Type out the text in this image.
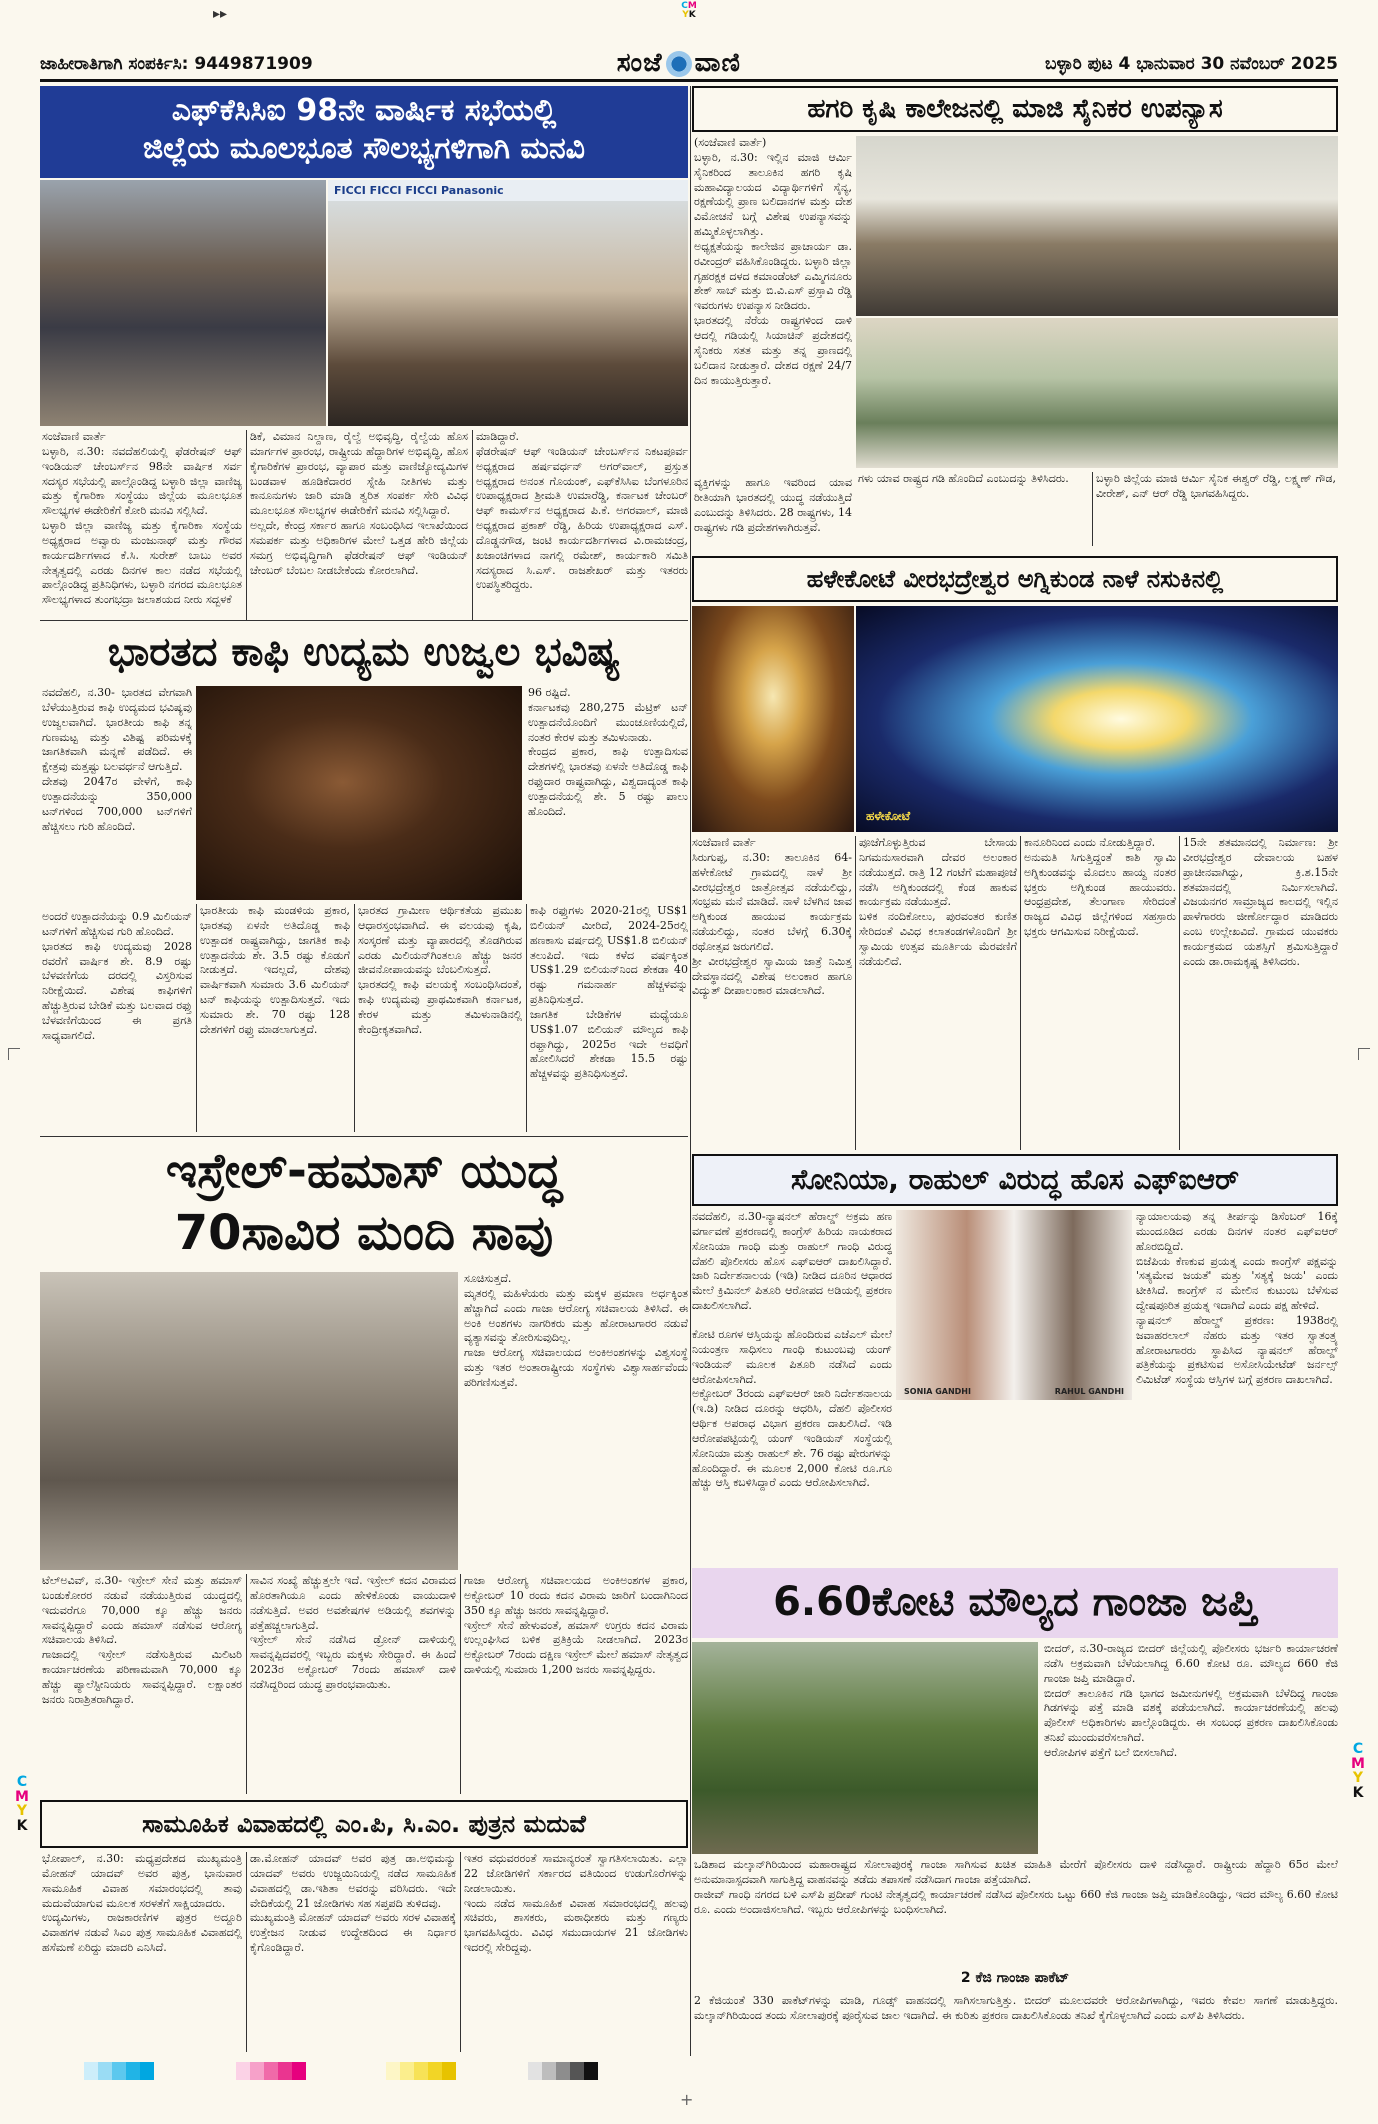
▸▸	CM
YK
ಜಾಹೀರಾತಿಗಾಗಿ ಸಂಪರ್ಕಿಸಿ: 9449871909	ಸಂಜೆ ವಾಣಿ	ಬಳ್ಳಾರಿ ಪುಟ 4 ಭಾನುವಾರ 30 ನವೆಂಬರ್ 2025
ಎಫ್‌ಕೆಸಿಸಿಐ 98ನೇ ವಾರ್ಷಿಕ ಸಭೆಯಲ್ಲಿ
ಜಿಲ್ಲೆಯ ಮೂಲಭೂತ ಸೌಲಭ್ಯಗಳಿಗಾಗಿ ಮನವಿ
FICCI FICCI FICCI Panasonic
ಸಂಜೆವಾಣಿ ವಾರ್ತೆ
ಬಳ್ಳಾರಿ, ನ.30: ನವದೆಹಲಿಯಲ್ಲಿ ಫೆಡರೇಷನ್ ಆಫ್ ಇಂಡಿಯನ್ ಚೇಂಬರ್ಸ್‌ನ 98ನೇ ವಾರ್ಷಿಕ ಸರ್ವ ಸದಸ್ಯರ ಸಭೆಯಲ್ಲಿ ಪಾಲ್ಗೊಂಡಿದ್ದ ಬಳ್ಳಾರಿ ಜಿಲ್ಲಾ ವಾಣಿಜ್ಯ ಮತ್ತು ಕೈಗಾರಿಕಾ ಸಂಸ್ಥೆಯು ಜಿಲ್ಲೆಯ ಮೂಲಭೂತ ಸೌಲಭ್ಯಗಳ ಈಡೇರಿಕೆಗೆ ಕೋರಿ ಮನವಿ ಸಲ್ಲಿಸಿದೆ.
ಬಳ್ಳಾರಿ ಜಿಲ್ಲಾ ವಾಣಿಜ್ಯ ಮತ್ತು ಕೈಗಾರಿಕಾ ಸಂಸ್ಥೆಯ ಅಧ್ಯಕ್ಷರಾದ ಅವ್ವಾರು ಮಂಜುನಾಥ್ ಮತ್ತು ಗೌರವ ಕಾರ್ಯದರ್ಶಿಗಳಾದ ಕೆ.ಸಿ. ಸುರೇಶ್ ಬಾಬು ಅವರ ನೇತೃತ್ವದಲ್ಲಿ ಎರಡು ದಿನಗಳ ಕಾಲ ನಡೆದ ಸಭೆಯಲ್ಲಿ ಪಾಲ್ಗೊಂಡಿದ್ದ ಪ್ರತಿನಿಧಿಗಳು, ಬಳ್ಳಾರಿ ನಗರದ ಮೂಲಭೂತ ಸೌಲಭ್ಯಗಳಾದ ತುಂಗಭದ್ರಾ ಜಲಾಶಯದ ನೀರು ಸದ್ಬಳಕೆ
ಡಿಕೆ, ವಿಮಾನ ನಿಲ್ದಾಣ, ರೈಲ್ವೆ ಅಭಿವೃದ್ಧಿ, ರೈಲ್ವೆಯ ಹೊಸ ಮಾರ್ಗಗಳ ಪ್ರಾರಂಭ, ರಾಷ್ಟ್ರೀಯ ಹೆದ್ದಾರಿಗಳ ಅಭಿವೃದ್ಧಿ, ಹೊಸ ಕೈಗಾರಿಕೆಗಳ ಪ್ರಾರಂಭ, ವ್ಯಾಪಾರ ಮತ್ತು ವಾಣಿಜ್ಯೋದ್ಯಮಿಗಳ ಬಂಡವಾಳ ಹೂಡಿಕೆದಾರರ ಸ್ನೇಹಿ ನೀತಿಗಳು ಮತ್ತು ಕಾನೂನುಗಳು ಜಾರಿ ಮಾಡಿ ತ್ವರಿತ ಸಂಪರ್ಕ ಸೇರಿ ವಿವಿಧ ಮೂಲಭೂತ ಸೌಲಭ್ಯಗಳ ಈಡೇರಿಕೆಗೆ ಮನವಿ ಸಲ್ಲಿಸಿದ್ದಾರೆ.
ಅಲ್ಲದೇ, ಕೇಂದ್ರ ಸರ್ಕಾರ ಹಾಗೂ ಸಂಬಂಧಿಸಿದ ಇಲಾಖೆಯಿಂದ ಸಮಪರ್ಕ ಮತ್ತು ಅಧಿಕಾರಿಗಳ ಮೇಲೆ ಒತ್ತಡ ಹೇರಿ ಜಿಲ್ಲೆಯ ಸಮಗ್ರ ಅಭಿವೃದ್ಧಿಗಾಗಿ ಫೆಡರೇಷನ್ ಆಫ್ ಇಂಡಿಯನ್ ಚೇಂಬರ್ ಬೆಂಬಲ ನೀಡಬೇಕೆಂದು ಕೋರಲಾಗಿದೆ.
ಮಾಡಿದ್ದಾರೆ.
ಫೆಡರೇಷನ್ ಆಫ್ ಇಂಡಿಯನ್ ಚೇಂಬರ್ಸ್‌ನ ನಿಕಟಪೂರ್ವ ಅಧ್ಯಕ್ಷರಾದ ಹರ್ಷವರ್ಧನ್ ಅಗರ್‌ವಾಲ್, ಪ್ರಸ್ತುತ ಅಧ್ಯಕ್ಷರಾದ ಅನಂತ ಗೊಯಂಕ್, ಎಫ್‌ಕೆಸಿಸಿಐ ಬೆಂಗಳೂರಿನ ಉಪಾಧ್ಯಕ್ಷರಾದ ಶ್ರೀಮತಿ ಉಮಾರೆಡ್ಡಿ, ಕರ್ನಾಟಕ ಚೇಂಬರ್ ಆಫ್ ಕಾಮರ್ಸ್‌ನ ಅಧ್ಯಕ್ಷರಾದ ಪಿ.ಕೆ. ಅಗರವಾಲ್, ಮಾಜಿ ಅಧ್ಯಕ್ಷರಾದ ಪ್ರಕಾಶ್ ರೆಡ್ಡಿ, ಹಿರಿಯ ಉಪಾಧ್ಯಕ್ಷರಾದ ಎಸ್. ದೊಡ್ಡನಗೌಡ, ಜಂಟಿ ಕಾರ್ಯದರ್ಶಿಗಳಾದ ವಿ.ರಾಮಚಂದ್ರ, ಖಜಾಂಚಿಗಳಾದ ನಾಗಲ್ಲಿ ರಮೇಶ್, ಕಾರ್ಯಕಾರಿ ಸಮಿತಿ ಸದಸ್ಯರಾದ ಸಿ.ಎಸ್. ರಾಜಶೇಖರ್ ಮತ್ತು ಇತರರು ಉಪಸ್ಥಿತರಿದ್ದರು.
ಹಗರಿ ಕೃಷಿ ಕಾಲೇಜನಲ್ಲಿ ಮಾಜಿ ಸೈನಿಕರ ಉಪನ್ಯಾಸ
(ಸಂಜೆವಾಣಿ ವಾರ್ತೆ)
ಬಳ್ಳಾರಿ, ನ.30: ಇಲ್ಲಿನ ಮಾಜಿ ಆರ್ಮಿ ಸೈನಿಕರಿಂದ ತಾಲೂಕಿನ ಹಗರಿ ಕೃಷಿ ಮಹಾವಿದ್ಯಾಲಯದ ವಿದ್ಯಾರ್ಥಿಗಳಿಗೆ ಸೈನ್ಯ, ರಕ್ಷಣೆಯಲ್ಲಿ ಪ್ರಾಣ ಬಲಿದಾನಗಳ ಮತ್ತು ದೇಶ ವಿಮೋಚನೆ ಬಗ್ಗೆ ವಿಶೇಷ ಉಪನ್ಯಾಸವನ್ನು ಹಮ್ಮಿಕೊಳ್ಳಲಾಗಿತ್ತು.
ಅಧ್ಯಕ್ಷತೆಯನ್ನು ಕಾಲೇಜಿನ ಪ್ರಾಚಾರ್ಯ ಡಾ. ರವೀಂದ್ರರ್ ವಹಿಸಿಕೊಂಡಿದ್ದರು. ಬಳ್ಳಾರಿ ಜಿಲ್ಲಾ ಗೃಹರಕ್ಷಕ ದಳದ ಕಮಾಂಡೆಂಟ್ ಎಮ್ಮಿಗನೂರು ಶೇಕ್ ಸಾಬ್ ಮತ್ತು ಬಿ.ವಿ.ಎಸ್ ಪ್ರಸ್ತಾವಿ ರೆಡ್ಡಿ ಇವರುಗಳು ಉಪನ್ಯಾಸ ನೀಡಿದರು.
ಭಾರತದಲ್ಲಿ ನೆರೆಯ ರಾಷ್ಟ್ರಗಳಿಂದ ದಾಳಿ ಆದಲ್ಲಿ ಗಡಿಯಲ್ಲಿ ಸಿಯಾಚಿನ್ ಪ್ರದೇಶದಲ್ಲಿ ಸೈನಿಕರು ಸತತ ಮತ್ತು ತನ್ನ ಪ್ರಾಣದಲ್ಲಿ ಬಲಿದಾನ ನೀಡುತ್ತಾರೆ. ದೇಶದ ರಕ್ಷಣೆ 24/7 ದಿನ ಕಾಯುತ್ತಿರುತ್ತಾರೆ.
ವ್ಯಕ್ತಿಗಳನ್ನು ಹಾಗೂ ಇವರಿಂದ ಯಾವ ರೀತಿಯಾಗಿ ಭಾರತದಲ್ಲಿ ಯುದ್ಧ ನಡೆಯುತ್ತಿದೆ ಎಂಬುದನ್ನು ತಿಳಿಸಿದರು. 28 ರಾಷ್ಟ್ರಗಳು, 14 ರಾಷ್ಟ್ರಗಳು ಗಡಿ ಪ್ರದೇಶಗಳಾಗಿರುತ್ತವೆ.
ಗಳು ಯಾವ ರಾಷ್ಟ್ರದ ಗಡಿ ಹೊಂದಿದೆ ಎಂಬುದನ್ನು ತಿಳಿಸಿದರು.	ಬಳ್ಳಾರಿ ಜಿಲ್ಲೆಯ ಮಾಜಿ ಆರ್ಮಿ ಸೈನಿಕ ಈಶ್ವರ್ ರೆಡ್ಡಿ, ಲಕ್ಷ್ಮಣ್ ಗೌಡ, ವೀರೇಶ್, ಎನ್ ಆರ್ ರೆಡ್ಡಿ ಭಾಗವಹಿಸಿದ್ದರು.
ಭಾರತದ ಕಾಫಿ ಉದ್ಯಮ ಉಜ್ವಲ ಭವಿಷ್ಯ
ನವದೆಹಲಿ, ನ.30- ಭಾರತದ ವೇಗವಾಗಿ ಬೆಳೆಯುತ್ತಿರುವ ಕಾಫಿ ಉದ್ಯಮದ ಭವಿಷ್ಯವು ಉಜ್ವಲವಾಗಿದೆ. ಭಾರತೀಯ ಕಾಫಿ ತನ್ನ ಗುಣಮಟ್ಟ ಮತ್ತು ವಿಶಿಷ್ಟ ಪರಿಮಳಕ್ಕೆ ಜಾಗತಿಕವಾಗಿ ಮನ್ನಣೆ ಪಡೆದಿದೆ. ಈ ಕ್ಷೇತ್ರವು ಮತ್ತಷ್ಟು ಬಲವರ್ಧನೆ ಆಗುತ್ತಿದೆ.
ದೇಶವು 2047ರ ವೇಳೆಗೆ, ಕಾಫಿ ಉತ್ಪಾದನೆಯನ್ನು 350,000 ಟನ್‌ಗಳಿಂದ 700,000 ಟನ್‌ಗಳಿಗೆ ಹೆಚ್ಚಿಸಲು ಗುರಿ ಹೊಂದಿದೆ.
96 ರಷ್ಟಿದೆ.
ಕರ್ನಾಟಕವು 280,275 ಮೆಟ್ರಿಕ್ ಟನ್ ಉತ್ಪಾದನೆಯೊಂದಿಗೆ ಮುಂಚೂಣಿಯಲ್ಲಿದೆ, ನಂತರ ಕೇರಳ ಮತ್ತು ತಮಿಳುನಾಡು.
ಕೇಂದ್ರದ ಪ್ರಕಾರ, ಕಾಫಿ ಉತ್ಪಾದಿಸುವ ದೇಶಗಳಲ್ಲಿ ಭಾರತವು ಏಳನೇ ಅತಿದೊಡ್ಡ ಕಾಫಿ ರಫ್ತುದಾರ ರಾಷ್ಟ್ರವಾಗಿದ್ದು, ವಿಶ್ವದಾದ್ಯಂತ ಕಾಫಿ ಉತ್ಪಾದನೆಯಲ್ಲಿ ಶೇ. 5 ರಷ್ಟು ಪಾಲು ಹೊಂದಿದೆ.
ಅಂದರೆ ಉತ್ಪಾದನೆಯನ್ನು 0.9 ಮಿಲಿಯನ್ ಟನ್‌ಗಳಿಗೆ ಹೆಚ್ಚಿಸುವ ಗುರಿ ಹೊಂದಿದೆ.
ಭಾರತದ ಕಾಫಿ ಉದ್ಯಮವು 2028 ರವರೆಗೆ ವಾರ್ಷಿಕ ಶೇ. 8.9 ರಷ್ಟು ಬೆಳವಣಿಗೆಯ ದರದಲ್ಲಿ ವಿಸ್ತರಿಸುವ ನಿರೀಕ್ಷೆಯಿದೆ. ವಿಶೇಷ ಕಾಫಿಗಳಿಗೆ ಹೆಚ್ಚುತ್ತಿರುವ ಬೇಡಿಕೆ ಮತ್ತು ಬಲವಾದ ರಫ್ತು ಬೆಳವಣಿಗೆಯಿಂದ ಈ ಪ್ರಗತಿ ಸಾಧ್ಯವಾಗಲಿದೆ.
ಭಾರತೀಯ ಕಾಫಿ ಮಂಡಳಿಯ ಪ್ರಕಾರ, ಭಾರತವು ಏಳನೇ ಅತಿದೊಡ್ಡ ಕಾಫಿ ಉತ್ಪಾದಕ ರಾಷ್ಟ್ರವಾಗಿದ್ದು, ಜಾಗತಿಕ ಕಾಫಿ ಉತ್ಪಾದನೆಯ ಶೇ. 3.5 ರಷ್ಟು ಕೊಡುಗೆ ನೀಡುತ್ತದೆ. ಇದಲ್ಲದೆ, ದೇಶವು ವಾರ್ಷಿಕವಾಗಿ ಸುಮಾರು 3.6 ಮಿಲಿಯನ್ ಟನ್ ಕಾಫಿಯನ್ನು ಉತ್ಪಾದಿಸುತ್ತದೆ. ಇದು ಸುಮಾರು ಶೇ. 70 ರಷ್ಟು 128 ದೇಶಗಳಿಗೆ ರಫ್ತು ಮಾಡಲಾಗುತ್ತದೆ.
ಭಾರತದ ಗ್ರಾಮೀಣ ಆರ್ಥಿಕತೆಯ ಪ್ರಮುಖ ಆಧಾರಸ್ತಂಭವಾಗಿದೆ. ಈ ವಲಯವು ಕೃಷಿ, ಸಂಸ್ಕರಣೆ ಮತ್ತು ವ್ಯಾಪಾರದಲ್ಲಿ ತೊಡಗಿರುವ ಎರಡು ಮಿಲಿಯನ್‌ಗಿಂತಲೂ ಹೆಚ್ಚು ಜನರ ಜೀವನೋಪಾಯವನ್ನು ಬೆಂಬಲಿಸುತ್ತದೆ.
ಭಾರತದಲ್ಲಿ ಕಾಫಿ ವಲಯಕ್ಕೆ ಸಂಬಂಧಿಸಿದಂತೆ, ಕಾಫಿ ಉದ್ಯಮವು ಪ್ರಾಥಮಿಕವಾಗಿ ಕರ್ನಾಟಕ, ಕೇರಳ ಮತ್ತು ತಮಿಳುನಾಡಿನಲ್ಲಿ ಕೇಂದ್ರೀಕೃತವಾಗಿದೆ.
ಕಾಫಿ ರಫ್ತುಗಳು 2020-21ರಲ್ಲಿ US$1 ಬಿಲಿಯನ್ ಮೀರಿದೆ, 2024-25ರಲ್ಲಿ ಹಣಕಾಸು ವರ್ಷದಲ್ಲಿ US$1.8 ಬಿಲಿಯನ್ ತಲುಪಿದೆ. ಇದು ಕಳೆದ ವರ್ಷಕ್ಕಿಂತ US$1.29 ಬಿಲಿಯನ್‌ನಿಂದ ಶೇಕಡಾ 40 ರಷ್ಟು ಗಮನಾರ್ಹ ಹೆಚ್ಚಳವನ್ನು ಪ್ರತಿನಿಧಿಸುತ್ತದೆ.
ಜಾಗತಿಕ ಬೇಡಿಕೆಗಳ ಮಧ್ಯೆಯೂ US$1.07 ಬಿಲಿಯನ್ ಮೌಲ್ಯದ ಕಾಫಿ ರಫ್ತಾಗಿದ್ದು, 2025ರ ಇದೇ ಅವಧಿಗೆ ಹೋಲಿಸಿದರೆ ಶೇಕಡಾ 15.5 ರಷ್ಟು ಹೆಚ್ಚಳವನ್ನು ಪ್ರತಿನಿಧಿಸುತ್ತದೆ.
ಹಳೇಕೋಟೆ ವೀರಭದ್ರೇಶ್ವರ ಅಗ್ನಿಕುಂಡ ನಾಳೆ ನಸುಕಿನಲ್ಲಿ
ಹಳೇಕೋಟೆ
ಸಂಜೆವಾಣಿ ವಾರ್ತೆ
ಸಿರುಗುಪ್ಪ, ನ.30: ತಾಲೂಕಿನ 64-ಹಳೇಕೋಟೆ ಗ್ರಾಮದಲ್ಲಿ ನಾಳೆ ಶ್ರೀ ವೀರಭದ್ರೇಶ್ವರ ಜಾತ್ರೋತ್ಸವ ನಡೆಯಲಿದ್ದು, ಸಂಭ್ರಮ ಮನೆ ಮಾಡಿದೆ. ನಾಳೆ ಬೆಳಗಿನ ಜಾವ ಅಗ್ನಿಕುಂಡ ಹಾಯುವ ಕಾರ್ಯಕ್ರಮ ನಡೆಯಲಿದ್ದು, ನಂತರ ಬೆಳಗ್ಗೆ 6.30ಕ್ಕೆ ರಥೋತ್ಸವ ಜರುಗಲಿದೆ.
ಶ್ರೀ ವೀರಭದ್ರೇಶ್ವರ ಸ್ವಾಮಿಯ ಜಾತ್ರೆ ನಿಮಿತ್ತ ದೇವಸ್ಥಾನದಲ್ಲಿ ವಿಶೇಷ ಅಲಂಕಾರ ಹಾಗೂ ವಿದ್ಯುತ್ ದೀಪಾಲಂಕಾರ ಮಾಡಲಾಗಿದೆ.
ಪೂಜೆಗೊಳ್ಳುತ್ತಿರುವ ಬೇಸಾಯ ನಿಗಮನುಸಾರವಾಗಿ ದೇವರ ಅಲಂಕಾರ ನಡೆಯುತ್ತದೆ. ರಾತ್ರಿ 12 ಗಂಟೆಗೆ ಮಹಾಪೂಜೆ ನಡೆಸಿ ಅಗ್ನಿಕುಂಡದಲ್ಲಿ ಕೆಂಡ ಹಾಕುವ ಕಾರ್ಯಕ್ರಮ ನಡೆಯುತ್ತದೆ.
ಬಳಿಕ ನಂದಿಕೋಲು, ಪುರವಂತರ ಕುಣಿತ ಸೇರಿದಂತೆ ವಿವಿಧ ಕಲಾತಂಡಗಳೊಂದಿಗೆ ಶ್ರೀ ಸ್ವಾಮಿಯ ಉತ್ಸವ ಮೂರ್ತಿಯ ಮೆರವಣಿಗೆ ನಡೆಯಲಿದೆ.
ಕಾನೂರಿನಿಂದ ಎಂದು ನೋಡುತ್ತಿದ್ದಾರೆ.
ಅನುಮತಿ ಸಿಗುತ್ತಿದ್ದಂತೆ ಕಾಶಿ ಸ್ವಾಮಿ ಅಗ್ನಿಕುಂಡವನ್ನು ಮೊದಲು ಹಾಯ್ದ ನಂತರ ಭಕ್ತರು ಅಗ್ನಿಕುಂಡ ಹಾಯುವರು. ಆಂಧ್ರಪ್ರದೇಶ, ತೆಲಂಗಾಣ ಸೇರಿದಂತೆ ರಾಜ್ಯದ ವಿವಿಧ ಜಿಲ್ಲೆಗಳಿಂದ ಸಹಸ್ರಾರು ಭಕ್ತರು ಆಗಮಿಸುವ ನಿರೀಕ್ಷೆಯಿದೆ.
15ನೇ ಶತಮಾನದಲ್ಲಿ ನಿರ್ಮಾಣ: ಶ್ರೀ ವೀರಭದ್ರೇಶ್ವರ ದೇವಾಲಯ ಬಹಳ ಪ್ರಾಚೀನವಾಗಿದ್ದು, ಕ್ರಿ.ಶ.15ನೇ ಶತಮಾನದಲ್ಲಿ ನಿರ್ಮಿಸಲಾಗಿದೆ. ವಿಜಯನಗರ ಸಾಮ್ರಾಜ್ಯದ ಕಾಲದಲ್ಲಿ ಇಲ್ಲಿನ ಪಾಳೆಗಾರರು ಜೀರ್ಣೋದ್ಧಾರ ಮಾಡಿದರು ಎಂಬ ಉಲ್ಲೇಖವಿದೆ. ಗ್ರಾಮದ ಯುವಕರು ಕಾರ್ಯಕ್ರಮದ ಯಶಸ್ಸಿಗೆ ಶ್ರಮಿಸುತ್ತಿದ್ದಾರೆ ಎಂದು ಡಾ.ರಾಮಕೃಷ್ಣ ತಿಳಿಸಿದರು.
ಇಸ್ರೇಲ್-ಹಮಾಸ್ ಯುದ್ಧ
70ಸಾವಿರ ಮಂದಿ ಸಾವು
ಸೂಚಿಸುತ್ತದೆ.
ಮೃತರಲ್ಲಿ ಮಹಿಳೆಯರು ಮತ್ತು ಮಕ್ಕಳ ಪ್ರಮಾಣ ಅರ್ಧಕ್ಕಿಂತ ಹೆಚ್ಚಾಗಿದೆ ಎಂದು ಗಾಜಾ ಆರೋಗ್ಯ ಸಚಿವಾಲಯ ತಿಳಿಸಿದೆ. ಈ ಅಂಕಿ ಅಂಶಗಳು ನಾಗರಿಕರು ಮತ್ತು ಹೋರಾಟಗಾರರ ನಡುವೆ ವ್ಯತ್ಯಾಸವನ್ನು ತೋರಿಸುವುದಿಲ್ಲ.
ಗಾಜಾ ಆರೋಗ್ಯ ಸಚಿವಾಲಯದ ಅಂಕಿಅಂಶಗಳನ್ನು ವಿಶ್ವಸಂಸ್ಥೆ ಮತ್ತು ಇತರ ಅಂತಾರಾಷ್ಟ್ರೀಯ ಸಂಸ್ಥೆಗಳು ವಿಶ್ವಾಸಾರ್ಹವೆಂದು ಪರಿಗಣಿಸುತ್ತವೆ.
ಟೆಲ್‌ಅವಿವ್, ನ.30- ಇಸ್ರೇಲ್ ಸೇನೆ ಮತ್ತು ಹಮಾಸ್ ಬಂಡುಕೋರರ ನಡುವೆ ನಡೆಯುತ್ತಿರುವ ಯುದ್ಧದಲ್ಲಿ ಇದುವರೆಗೂ 70,000 ಕ್ಕೂ ಹೆಚ್ಚು ಜನರು ಸಾವನ್ನಪ್ಪಿದ್ದಾರೆ ಎಂದು ಹಮಾಸ್ ನಡೆಸುವ ಆರೋಗ್ಯ ಸಚಿವಾಲಯ ತಿಳಿಸಿದೆ.
ಗಾಜಾದಲ್ಲಿ ಇಸ್ರೇಲ್ ನಡೆಸುತ್ತಿರುವ ಮಿಲಿಟರಿ ಕಾರ್ಯಾಚರಣೆಯ ಪರಿಣಾಮವಾಗಿ 70,000 ಕ್ಕೂ ಹೆಚ್ಚು ಪ್ಯಾಲೆಸ್ಟೀನಿಯರು ಸಾವನ್ನಪ್ಪಿದ್ದಾರೆ. ಲಕ್ಷಾಂತರ ಜನರು ನಿರಾಶ್ರಿತರಾಗಿದ್ದಾರೆ.
ಸಾವಿನ ಸಂಖ್ಯೆ ಹೆಚ್ಚುತ್ತಲೇ ಇದೆ. ಇಸ್ರೇಲ್ ಕದನ ವಿರಾಮದ ಹೊರತಾಗಿಯೂ ಎಂದು ಹೇಳಿಕೊಂಡು ವಾಯುದಾಳಿ ನಡೆಸುತ್ತಿದೆ. ಅವರ ಅವಶೇಷಗಳ ಅಡಿಯಲ್ಲಿ ಶವಗಳನ್ನು ಪತ್ತೆಹಚ್ಚಲಾಗುತ್ತಿದೆ.
ಇಸ್ರೇಲ್ ಸೇನೆ ನಡೆಸಿದ ಡ್ರೋನ್ ದಾಳಿಯಲ್ಲಿ ಸಾವನ್ನಪ್ಪಿದವರಲ್ಲಿ ಇಬ್ಬರು ಮಕ್ಕಳು ಸೇರಿದ್ದಾರೆ. ಈ ಹಿಂದೆ 2023ರ ಅಕ್ಟೋಬರ್ 7ರಂದು ಹಮಾಸ್ ದಾಳಿ ನಡೆಸಿದ್ದರಿಂದ ಯುದ್ಧ ಪ್ರಾರಂಭವಾಯಿತು.
ಗಾಜಾ ಆರೋಗ್ಯ ಸಚಿವಾಲಯದ ಅಂಕಿಅಂಶಗಳ ಪ್ರಕಾರ, ಅಕ್ಟೋಬರ್ 10 ರಂದು ಕದನ ವಿರಾಮ ಜಾರಿಗೆ ಬಂದಾಗಿನಿಂದ 350 ಕ್ಕೂ ಹೆಚ್ಚು ಜನರು ಸಾವನ್ನಪ್ಪಿದ್ದಾರೆ.
ಇಸ್ರೇಲ್ ಸೇನೆ ಹೇಳುವಂತೆ, ಹಮಾಸ್ ಉಗ್ರರು ಕದನ ವಿರಾಮ ಉಲ್ಲಂಘಿಸಿದ ಬಳಿಕ ಪ್ರತಿಕ್ರಿಯೆ ನೀಡಲಾಗಿದೆ. 2023ರ ಅಕ್ಟೋಬರ್ 7ರಂದು ದಕ್ಷಿಣ ಇಸ್ರೇಲ್ ಮೇಲೆ ಹಮಾಸ್ ನೇತೃತ್ವದ ದಾಳಿಯಲ್ಲಿ ಸುಮಾರು 1,200 ಜನರು ಸಾವನ್ನಪ್ಪಿದ್ದರು.
ಸೋನಿಯಾ, ರಾಹುಲ್ ವಿರುದ್ಧ ಹೊಸ ಎಫ್‌ಐಆರ್
ನವದೆಹಲಿ, ನ.30-ನ್ಯಾಷನಲ್ ಹೆರಾಲ್ಡ್ ಅಕ್ರಮ ಹಣ ವರ್ಗಾವಣೆ ಪ್ರಕರಣದಲ್ಲಿ ಕಾಂಗ್ರೆಸ್ ಹಿರಿಯ ನಾಯಕರಾದ ಸೋನಿಯಾ ಗಾಂಧಿ ಮತ್ತು ರಾಹುಲ್ ಗಾಂಧಿ ವಿರುದ್ಧ ದೆಹಲಿ ಪೊಲೀಸರು ಹೊಸ ಎಫ್‌ಐಆರ್ ದಾಖಲಿಸಿದ್ದಾರೆ. ಜಾರಿ ನಿರ್ದೇಶನಾಲಯ (ಇಡಿ) ನೀಡಿದ ದೂರಿನ ಆಧಾರದ ಮೇಲೆ ಕ್ರಿಮಿನಲ್ ಪಿತೂರಿ ಆರೋಪದ ಅಡಿಯಲ್ಲಿ ಪ್ರಕರಣ ದಾಖಲಿಸಲಾಗಿದೆ.
SONIA GANDHI	RAHUL GANDHI
ನ್ಯಾಯಾಲಯವು ತನ್ನ ತೀರ್ಪನ್ನು ಡಿಸೆಂಬರ್ 16ಕ್ಕೆ ಮುಂದೂಡಿದ ಎರಡು ದಿನಗಳ ನಂತರ ಎಫ್‌ಐಆರ್ ಹೊರಬಿದ್ದಿದೆ.
ಬಿಜೆಪಿಯ ಕೆಣಕುವ ಪ್ರಯತ್ನ ಎಂದು ಕಾಂಗ್ರೆಸ್ ಪಕ್ಷವನ್ನು 'ಸತ್ಯಮೇವ ಜಯತೆ' ಮತ್ತು 'ಸತ್ಯಕ್ಕೆ ಜಯ' ಎಂದು ಟೀಕಿಸಿದೆ. ಕಾಂಗ್ರೆಸ್ ನ ಮೇಲಿನ ಕುಟುಂಬ ಬೆಳೆಸುವ ದ್ವೇಷಪೂರಿತ ಪ್ರಯತ್ನ ಇದಾಗಿದೆ ಎಂದು ಪಕ್ಷ ಹೇಳಿದೆ.
ನ್ಯಾಷನಲ್ ಹೆರಾಲ್ಡ್ ಪ್ರಕರಣ: 1938ರಲ್ಲಿ ಜವಾಹರಲಾಲ್ ನೆಹರು ಮತ್ತು ಇತರ ಸ್ವಾತಂತ್ರ್ಯ ಹೋರಾಟಗಾರರು ಸ್ಥಾಪಿಸಿದ ನ್ಯಾಷನಲ್ ಹೆರಾಲ್ಡ್ ಪತ್ರಿಕೆಯನ್ನು ಪ್ರಕಟಿಸುವ ಅಸೋಸಿಯೇಟೆಡ್ ಜರ್ನಲ್ಸ್ ಲಿಮಿಟೆಡ್ ಸಂಸ್ಥೆಯ ಆಸ್ತಿಗಳ ಬಗ್ಗೆ ಪ್ರಕರಣ ದಾಖಲಾಗಿದೆ.
ಕೋಟಿ ರೂಗಳ ಆಸ್ತಿಯನ್ನು ಹೊಂದಿರುವ ಎಜೆಎಲ್ ಮೇಲೆ ನಿಯಂತ್ರಣ ಸಾಧಿಸಲು ಗಾಂಧಿ ಕುಟುಂಬವು ಯಂಗ್ ಇಂಡಿಯನ್ ಮೂಲಕ ಪಿತೂರಿ ನಡೆಸಿದೆ ಎಂದು ಆರೋಪಿಸಲಾಗಿದೆ.
ಅಕ್ಟೋಬರ್ 3ರಂದು ಎಫ್‌ಐಆರ್ ಜಾರಿ ನಿರ್ದೇಶನಾಲಯ (ಇ.ಡಿ) ನೀಡಿದ ದೂರನ್ನು ಆಧರಿಸಿ, ದೆಹಲಿ ಪೊಲೀಸರ ಆರ್ಥಿಕ ಅಪರಾಧ ವಿಭಾಗ ಪ್ರಕರಣ ದಾಖಲಿಸಿದೆ. ಇಡಿ ಆರೋಪಪಟ್ಟಿಯಲ್ಲಿ ಯಂಗ್ ಇಂಡಿಯನ್ ಸಂಸ್ಥೆಯಲ್ಲಿ ಸೋನಿಯಾ ಮತ್ತು ರಾಹುಲ್ ಶೇ. 76 ರಷ್ಟು ಷೇರುಗಳನ್ನು ಹೊಂದಿದ್ದಾರೆ. ಈ ಮೂಲಕ 2,000 ಕೋಟಿ ರೂ.ಗೂ ಹೆಚ್ಚು ಆಸ್ತಿ ಕಬಳಿಸಿದ್ದಾರೆ ಎಂದು ಆರೋಪಿಸಲಾಗಿದೆ.
6.60ಕೋಟಿ ಮೌಲ್ಯದ ಗಾಂಜಾ ಜಪ್ತಿ
ಬೀದರ್, ನ.30-ರಾಜ್ಯದ ಬೀದರ್ ಜಿಲ್ಲೆಯಲ್ಲಿ ಪೊಲೀಸರು ಭರ್ಜರಿ ಕಾರ್ಯಾಚರಣೆ ನಡೆಸಿ ಅಕ್ರಮವಾಗಿ ಬೆಳೆಯಲಾಗಿದ್ದ 6.60 ಕೋಟಿ ರೂ. ಮೌಲ್ಯದ 660 ಕೆಜಿ ಗಾಂಜಾ ಜಪ್ತಿ ಮಾಡಿದ್ದಾರೆ.
ಬೀದರ್ ತಾಲೂಕಿನ ಗಡಿ ಭಾಗದ ಜಮೀನುಗಳಲ್ಲಿ ಅಕ್ರಮವಾಗಿ ಬೆಳೆದಿದ್ದ ಗಾಂಜಾ ಗಿಡಗಳನ್ನು ಪತ್ತೆ ಮಾಡಿ ವಶಕ್ಕೆ ಪಡೆಯಲಾಗಿದೆ. ಕಾರ್ಯಾಚರಣೆಯಲ್ಲಿ ಹಲವು ಪೊಲೀಸ್ ಅಧಿಕಾರಿಗಳು ಪಾಲ್ಗೊಂಡಿದ್ದರು. ಈ ಸಂಬಂಧ ಪ್ರಕರಣ ದಾಖಲಿಸಿಕೊಂಡು ತನಿಖೆ ಮುಂದುವರೆಸಲಾಗಿದೆ.
ಆರೋಪಿಗಳ ಪತ್ತೆಗೆ ಬಲೆ ಬೀಸಲಾಗಿದೆ.
ಒಡಿಶಾದ ಮಲ್ಕಾನ್‌ಗಿರಿಯಿಂದ ಮಹಾರಾಷ್ಟ್ರದ ಸೋಲಾಪುರಕ್ಕೆ ಗಾಂಜಾ ಸಾಗಿಸುವ ಖಚಿತ ಮಾಹಿತಿ ಮೇರೆಗೆ ಪೊಲೀಸರು ದಾಳಿ ನಡೆಸಿದ್ದಾರೆ. ರಾಷ್ಟ್ರೀಯ ಹೆದ್ದಾರಿ 65ರ ಮೇಲೆ ಅನುಮಾನಾಸ್ಪದವಾಗಿ ಸಾಗುತ್ತಿದ್ದ ವಾಹನವನ್ನು ತಡೆದು ತಪಾಸಣೆ ನಡೆಸಿದಾಗ ಗಾಂಜಾ ಪತ್ತೆಯಾಗಿದೆ.
ರಾಜೀವ್ ಗಾಂಧಿ ನಗರದ ಬಳಿ ಎಸ್‌ಪಿ ಪ್ರದೀಪ್ ಗುಂಟಿ ನೇತೃತ್ವದಲ್ಲಿ ಕಾರ್ಯಾಚರಣೆ ನಡೆಸಿದ ಪೊಲೀಸರು ಒಟ್ಟು 660 ಕೆಜಿ ಗಾಂಜಾ ಜಪ್ತಿ ಮಾಡಿಕೊಂಡಿದ್ದು, ಇದರ ಮೌಲ್ಯ 6.60 ಕೋಟಿ ರೂ. ಎಂದು ಅಂದಾಜಿಸಲಾಗಿದೆ. ಇಬ್ಬರು ಆರೋಪಿಗಳನ್ನು ಬಂಧಿಸಲಾಗಿದೆ.
2 ಕೆಜಿ ಗಾಂಜಾ ಪಾಕೆಟ್
2 ಕೆಜಿಯಂತೆ 330 ಪಾಕೆಟ್‌ಗಳನ್ನು ಮಾಡಿ, ಗೂಡ್ಸ್ ವಾಹನದಲ್ಲಿ ಸಾಗಿಸಲಾಗುತ್ತಿತ್ತು. ಬೀದರ್ ಮೂಲದವರೇ ಆರೋಪಿಗಳಾಗಿದ್ದು, ಇವರು ಕೇವಲ ಸಾಗಣೆ ಮಾಡುತ್ತಿದ್ದರು. ಮಲ್ಕಾನ್‌ಗಿರಿಯಿಂದ ತಂದು ಸೋಲಾಪುರಕ್ಕೆ ಪೂರೈಸುವ ಜಾಲ ಇದಾಗಿದೆ. ಈ ಕುರಿತು ಪ್ರಕರಣ ದಾಖಲಿಸಿಕೊಂಡು ತನಿಖೆ ಕೈಗೊಳ್ಳಲಾಗಿದೆ ಎಂದು ಎಸ್‌ಪಿ ತಿಳಿಸಿದರು.
ಸಾಮೂಹಿಕ ವಿವಾಹದಲ್ಲಿ ಎಂ.ಪಿ, ಸಿ.ಎಂ. ಪುತ್ರನ ಮದುವೆ
ಭೋಪಾಲ್, ನ.30: ಮಧ್ಯಪ್ರದೇಶದ ಮುಖ್ಯಮಂತ್ರಿ ಮೋಹನ್ ಯಾದವ್ ಅವರ ಪುತ್ರ, ಭಾನುವಾರ ಸಾಮೂಹಿಕ ವಿವಾಹ ಸಮಾರಂಭದಲ್ಲಿ ತಾವು ಮದುವೆಯಾಗುವ ಮೂಲಕ ಸರಳತೆಗೆ ಸಾಕ್ಷಿಯಾದರು.
ಉದ್ಯಮಿಗಳು, ರಾಜಕಾರಣಿಗಳ ಪುತ್ರರ ಅದ್ದೂರಿ ವಿವಾಹಗಳ ನಡುವೆ ಸಿಎಂ ಪುತ್ರ ಸಾಮೂಹಿಕ ವಿವಾಹದಲ್ಲಿ ಹಸೆಮಣೆ ಏರಿದ್ದು ಮಾದರಿ ಎನಿಸಿದೆ.
ಡಾ.ಮೋಹನ್ ಯಾದವ್ ಅವರ ಪುತ್ರ ಡಾ.ಅಭಿಮನ್ಯು ಯಾದವ್ ಅವರು ಉಜ್ಜಯಿನಿಯಲ್ಲಿ ನಡೆದ ಸಾಮೂಹಿಕ ವಿವಾಹದಲ್ಲಿ ಡಾ.ಇಶಿತಾ ಅವರನ್ನು ವರಿಸಿದರು. ಇದೇ ವೇದಿಕೆಯಲ್ಲಿ 21 ಜೋಡಿಗಳು ಸಹ ಸಪ್ತಪದಿ ತುಳಿದವು.
ಮುಖ್ಯಮಂತ್ರಿ ಮೋಹನ್ ಯಾದವ್ ಅವರು ಸರಳ ವಿವಾಹಕ್ಕೆ ಉತ್ತೇಜನ ನೀಡುವ ಉದ್ದೇಶದಿಂದ ಈ ನಿರ್ಧಾರ ಕೈಗೊಂಡಿದ್ದಾರೆ.
ಇತರ ವಧುವರರಂತೆ ಸಾಮಾನ್ಯರಂತೆ ಸ್ವಾಗತಿಸಲಾಯಿತು. ಎಲ್ಲಾ 22 ಜೋಡಿಗಳಿಗೆ ಸರ್ಕಾರದ ವತಿಯಿಂದ ಉಡುಗೊರೆಗಳನ್ನು ನೀಡಲಾಯಿತು.
ಇಂದು ನಡೆದ ಸಾಮೂಹಿಕ ವಿವಾಹ ಸಮಾರಂಭದಲ್ಲಿ ಹಲವು ಸಚಿವರು, ಶಾಸಕರು, ಮಠಾಧೀಶರು ಮತ್ತು ಗಣ್ಯರು ಭಾಗವಹಿಸಿದ್ದರು. ವಿವಿಧ ಸಮುದಾಯಗಳ 21 ಜೋಡಿಗಳು ಇದರಲ್ಲಿ ಸೇರಿದ್ದವು.
C
M
Y
K
C
M
Y
K
+
